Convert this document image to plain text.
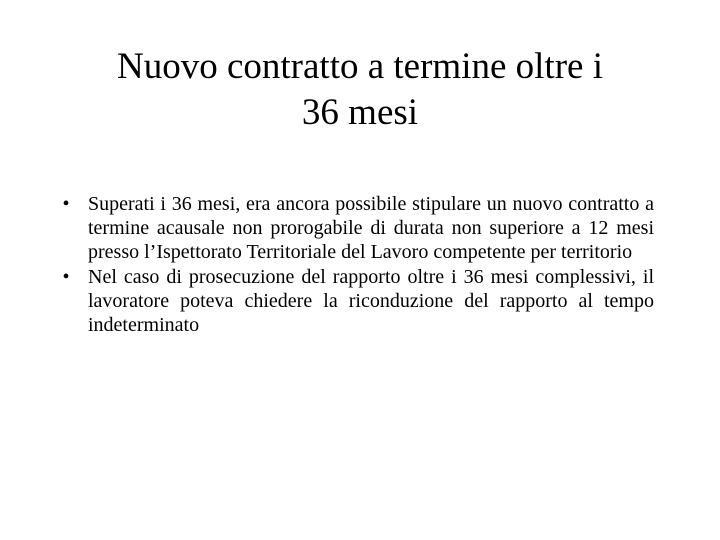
Nuovo contratto a termine oltre i
36 mesi
• Superati i 36 mesi, era ancora possibile stipulare un nuovo contratto a termine acausale non prorogabile di durata non superiore a 12 mesi presso l’Ispettorato Territoriale del Lavoro competente per territorio
• Nel caso di prosecuzione del rapporto oltre i 36 mesi complessivi, il lavoratore poteva chiedere la riconduzione del rapporto al tempo indeterminato
